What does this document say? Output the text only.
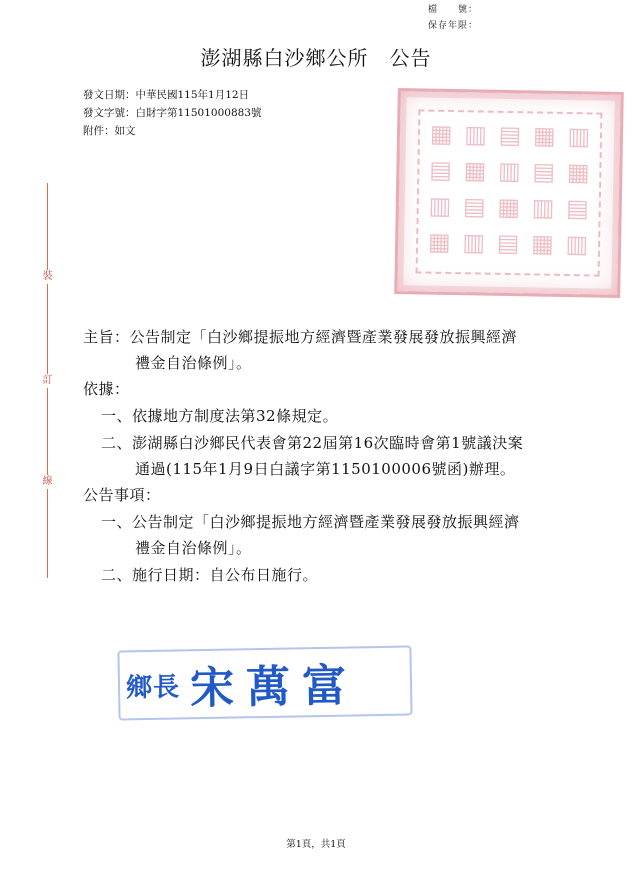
檔　　號：
保存年限：
澎湖縣白沙鄉公所　公告
發文日期：中華民國115年1月12日
發文字號：白財字第11501000883號
附件：如文	▦ ▥ ▤ ▦ ▥
▤ ▦ ▥ ▤ ▦
▥ ▤ ▦ ▥ ▤
▦ ▥ ▤ ▦ ▥
裝
訂
線
主旨：公告制定「白沙鄉提振地方經濟暨產業發展發放振興經濟
禮金自治條例」。
依據：
一、依據地方制度法第32條規定。
二、澎湖縣白沙鄉民代表會第22屆第16次臨時會第1號議決案
通過(115年1月9日白議字第1150100006號函)辦理。
公告事項：
一、公告制定「白沙鄉提振地方經濟暨產業發展發放振興經濟
禮金自治條例」。
二、施行日期：自公布日施行。
鄉長 宋萬富
第1頁，共1頁
